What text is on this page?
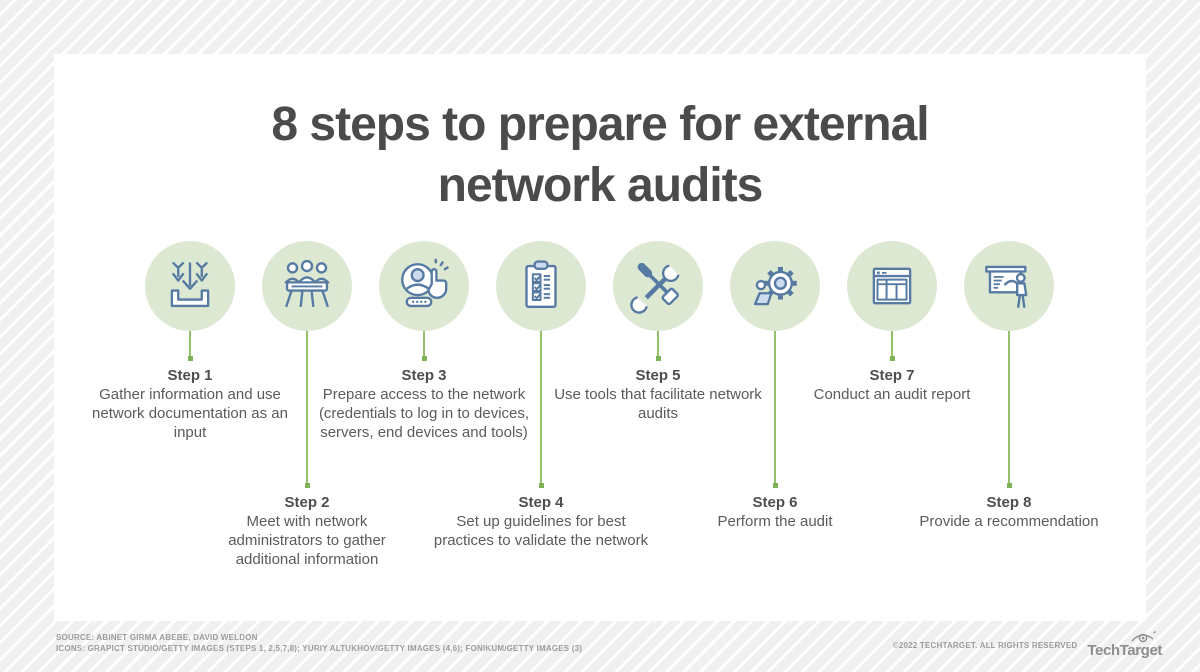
8 steps to prepare for external network audits
Step 1
Gather information and use network documentation as an input
Step 2
Meet with network administrators to gather additional information
Step 3
Prepare access to the network (credentials to log in to devices, servers, end devices and tools)
Step 4
Set up guidelines for best practices to validate the network
Step 5
Use tools that facilitate network audits
Step 6
Perform the audit
Step 7
Conduct an audit report
Step 8
Provide a recommendation
SOURCE: ABINET GIRMA ABEBE, DAVID WELDON
ICONS: GRAPICT STUDIO/GETTY IMAGES (STEPS 1, 2,5,7,8); YURIY ALTUKHOV/GETTY IMAGES (4,6); FONIKUM/GETTY IMAGES (3)	©2022 TECHTARGET. ALL RIGHTS RESERVED TechTarget
